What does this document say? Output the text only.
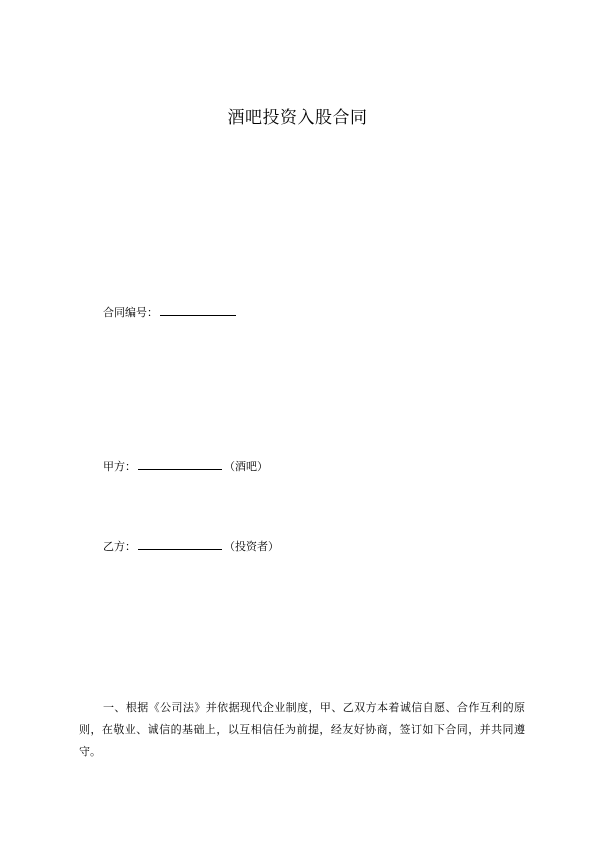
酒吧投资入股合同
合同编号：
甲方：	（酒吧）
乙方：	（投资者）

一、根据《公司法》并依据现代企业制度，甲、乙双方本着诚信自愿、合作互利的原则，在敬业、诚信的基础上，以互相信任为前提，经友好协商，签订如下合同，并共同遵守。
